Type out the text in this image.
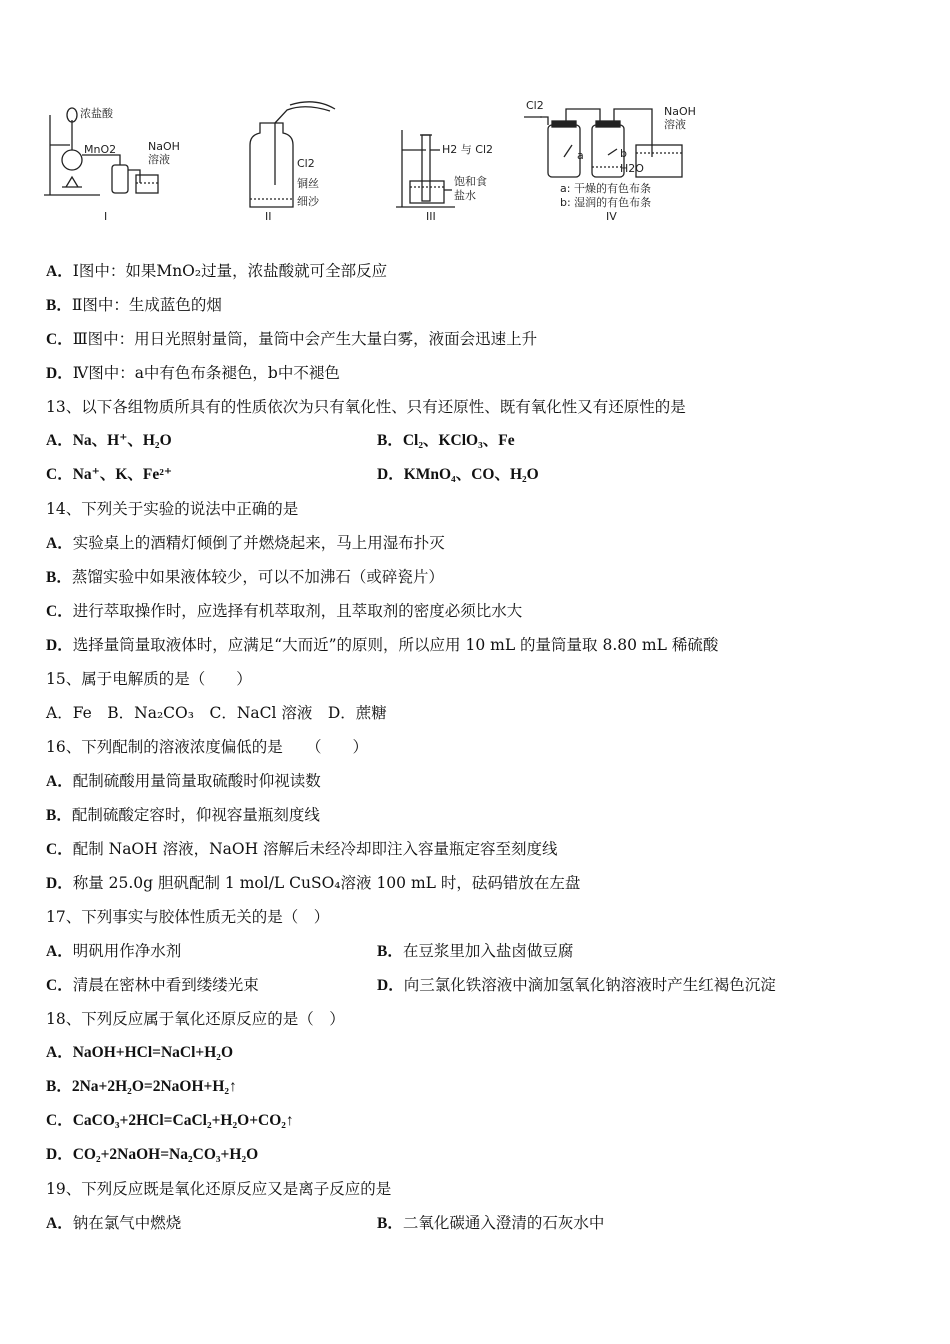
浓盐酸
MnO2	NaOH
溶液
I
Cl2
铜丝
细沙
II
H2 与 Cl2
饱和食
盐水
III
Cl2	NaOH
溶液
a	b
H2O
a: 干燥的有色布条
b: 湿润的有色布条
IV
A．Ⅰ图中：如果MnO₂过量，浓盐酸就可全部反应
B．Ⅱ图中：生成蓝色的烟
C．Ⅲ图中：用日光照射量筒，量筒中会产生大量白雾，液面会迅速上升
D．Ⅳ图中：a中有色布条褪色，b中不褪色
13、以下各组物质所具有的性质依次为只有氧化性、只有还原性、既有氧化性又有还原性的是
A．Na、H⁺、H₂O	B．Cl₂、KClO₃、Fe
C．Na⁺、K、Fe²⁺	D．KMnO₄、CO、H₂O
14、下列关于实验的说法中正确的是
A．实验桌上的酒精灯倾倒了并燃烧起来，马上用湿布扑灭
B．蒸馏实验中如果液体较少，可以不加沸石（或碎瓷片）
C．进行萃取操作时，应选择有机萃取剂，且萃取剂的密度必须比水大
D．选择量筒量取液体时，应满足“大而近”的原则，所以应用 10 mL 的量筒量取 8.80 mL 稀硫酸
15、属于电解质的是（　　）
A．Fe　B．Na₂CO₃　C．NaCl 溶液　D．蔗糖
16、下列配制的溶液浓度偏低的是　　（　　）
A．配制硫酸用量筒量取硫酸时仰视读数
B．配制硫酸定容时，仰视容量瓶刻度线
C．配制 NaOH 溶液，NaOH 溶解后未经冷却即注入容量瓶定容至刻度线
D．称量 25.0g 胆矾配制 1 mol/L CuSO₄溶液 100 mL 时，砝码错放在左盘
17、下列事实与胶体性质无关的是（　）
A．明矾用作净水剂	B．在豆浆里加入盐卤做豆腐
C．清晨在密林中看到缕缕光束	D．向三氯化铁溶液中滴加氢氧化钠溶液时产生红褐色沉淀
18、下列反应属于氧化还原反应的是（　）
A．NaOH+HCl=NaCl+H₂O
B．2Na+2H₂O=2NaOH+H₂↑
C．CaCO₃+2HCl=CaCl₂+H₂O+CO₂↑
D．CO₂+2NaOH=Na₂CO₃+H₂O
19、下列反应既是氧化还原反应又是离子反应的是
A．钠在氯气中燃烧	B．二氧化碳通入澄清的石灰水中
